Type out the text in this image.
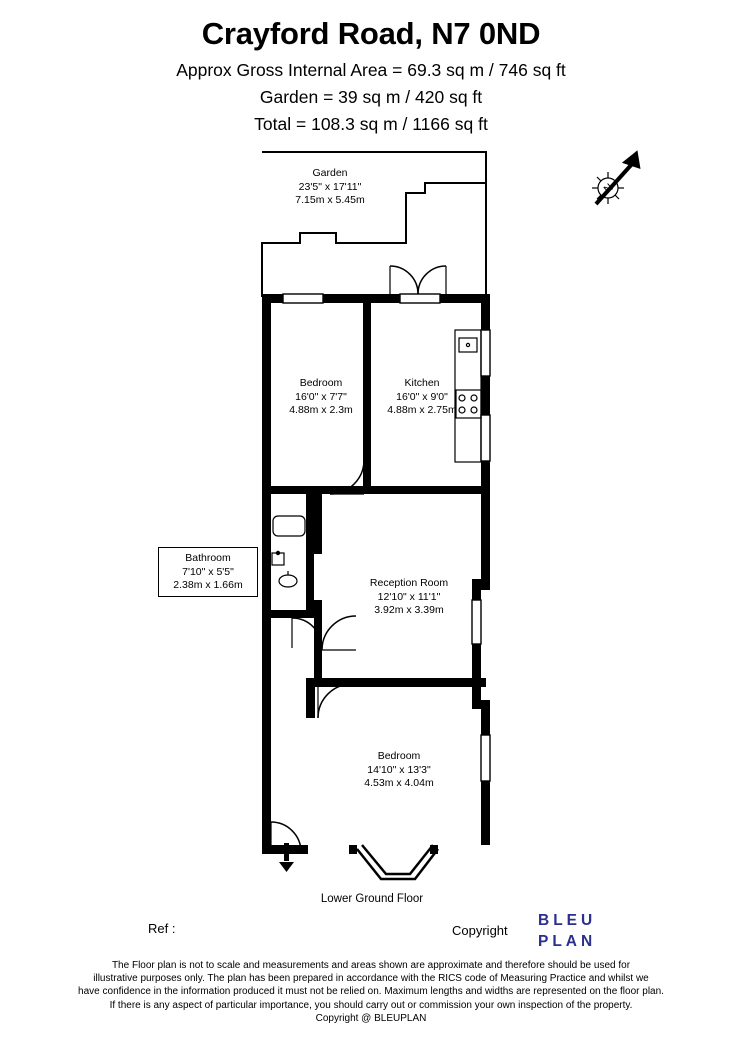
Crayford Road, N7 0ND
Approx Gross Internal Area = 69.3 sq m / 746 sq ft
Garden = 39 sq m / 420 sq ft
Total = 108.3 sq m / 1166 sq ft
N
Garden
23'5" x 17'11"
7.15m x 5.45m
Bedroom
16'0" x 7'7"
4.88m x 2.3m
Kitchen
16'0" x 9'0"
4.88m x 2.75m
Bathroom
7'10" x 5'5"
2.38m x 1.66m	Reception Room
12'10" x 11'1"
3.92m x 3.39m
Bedroom
14'10" x 13'3"
4.53m x 4.04m
Lower Ground Floor
Ref :	Copyright
BLEU
PLAN
The Floor plan is not to scale and measurements and areas shown are approximate and therefore should be used for
illustrative purposes only. The plan has been prepared in accordance with the RICS code of Measuring Practice and whilst we
have confidence in the information produced it must not be relied on. Maximum lengths and widths are represented on the floor plan.
If there is any aspect of particular importance, you should carry out or commission your own inspection of the property.
Copyright @ BLEUPLAN
